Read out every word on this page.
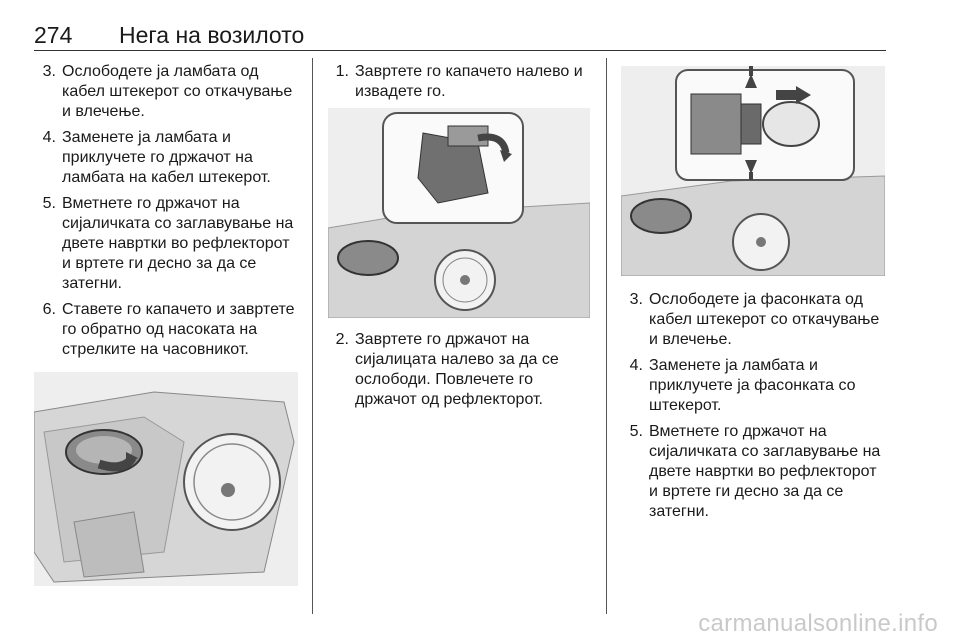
274 Нега на возилото
3. Ослободете ја ламбата од кабел штекерот со откачување и влечење.
4. Заменете ја ламбата и приклучете го држачот на ламбата на кабел штекерот.
5. Вметнете го држачот на сијаличката со заглавување на двете навртки во рефлекторот и вртете ги десно за да се затегни.
6. Ставете го капачето и завртете го обратно од насоката на стрелките на часовникот.
1. Завртете го капачето налево и извадете го.
2. Завртете го држачот на сијалицата налево за да се ослободи. Повлечете го држачот од рефлекторот.
3. Ослободете ја фасонката од кабел штекерот со откачување и влечење.
4. Заменете ја ламбата и приклучете ја фасонката со штекерот.
5. Вметнете го држачот на сијаличката со заглавување на двете навртки во рефлекторот и вртете ги десно за да се затегни.
carmanualsonline.info
